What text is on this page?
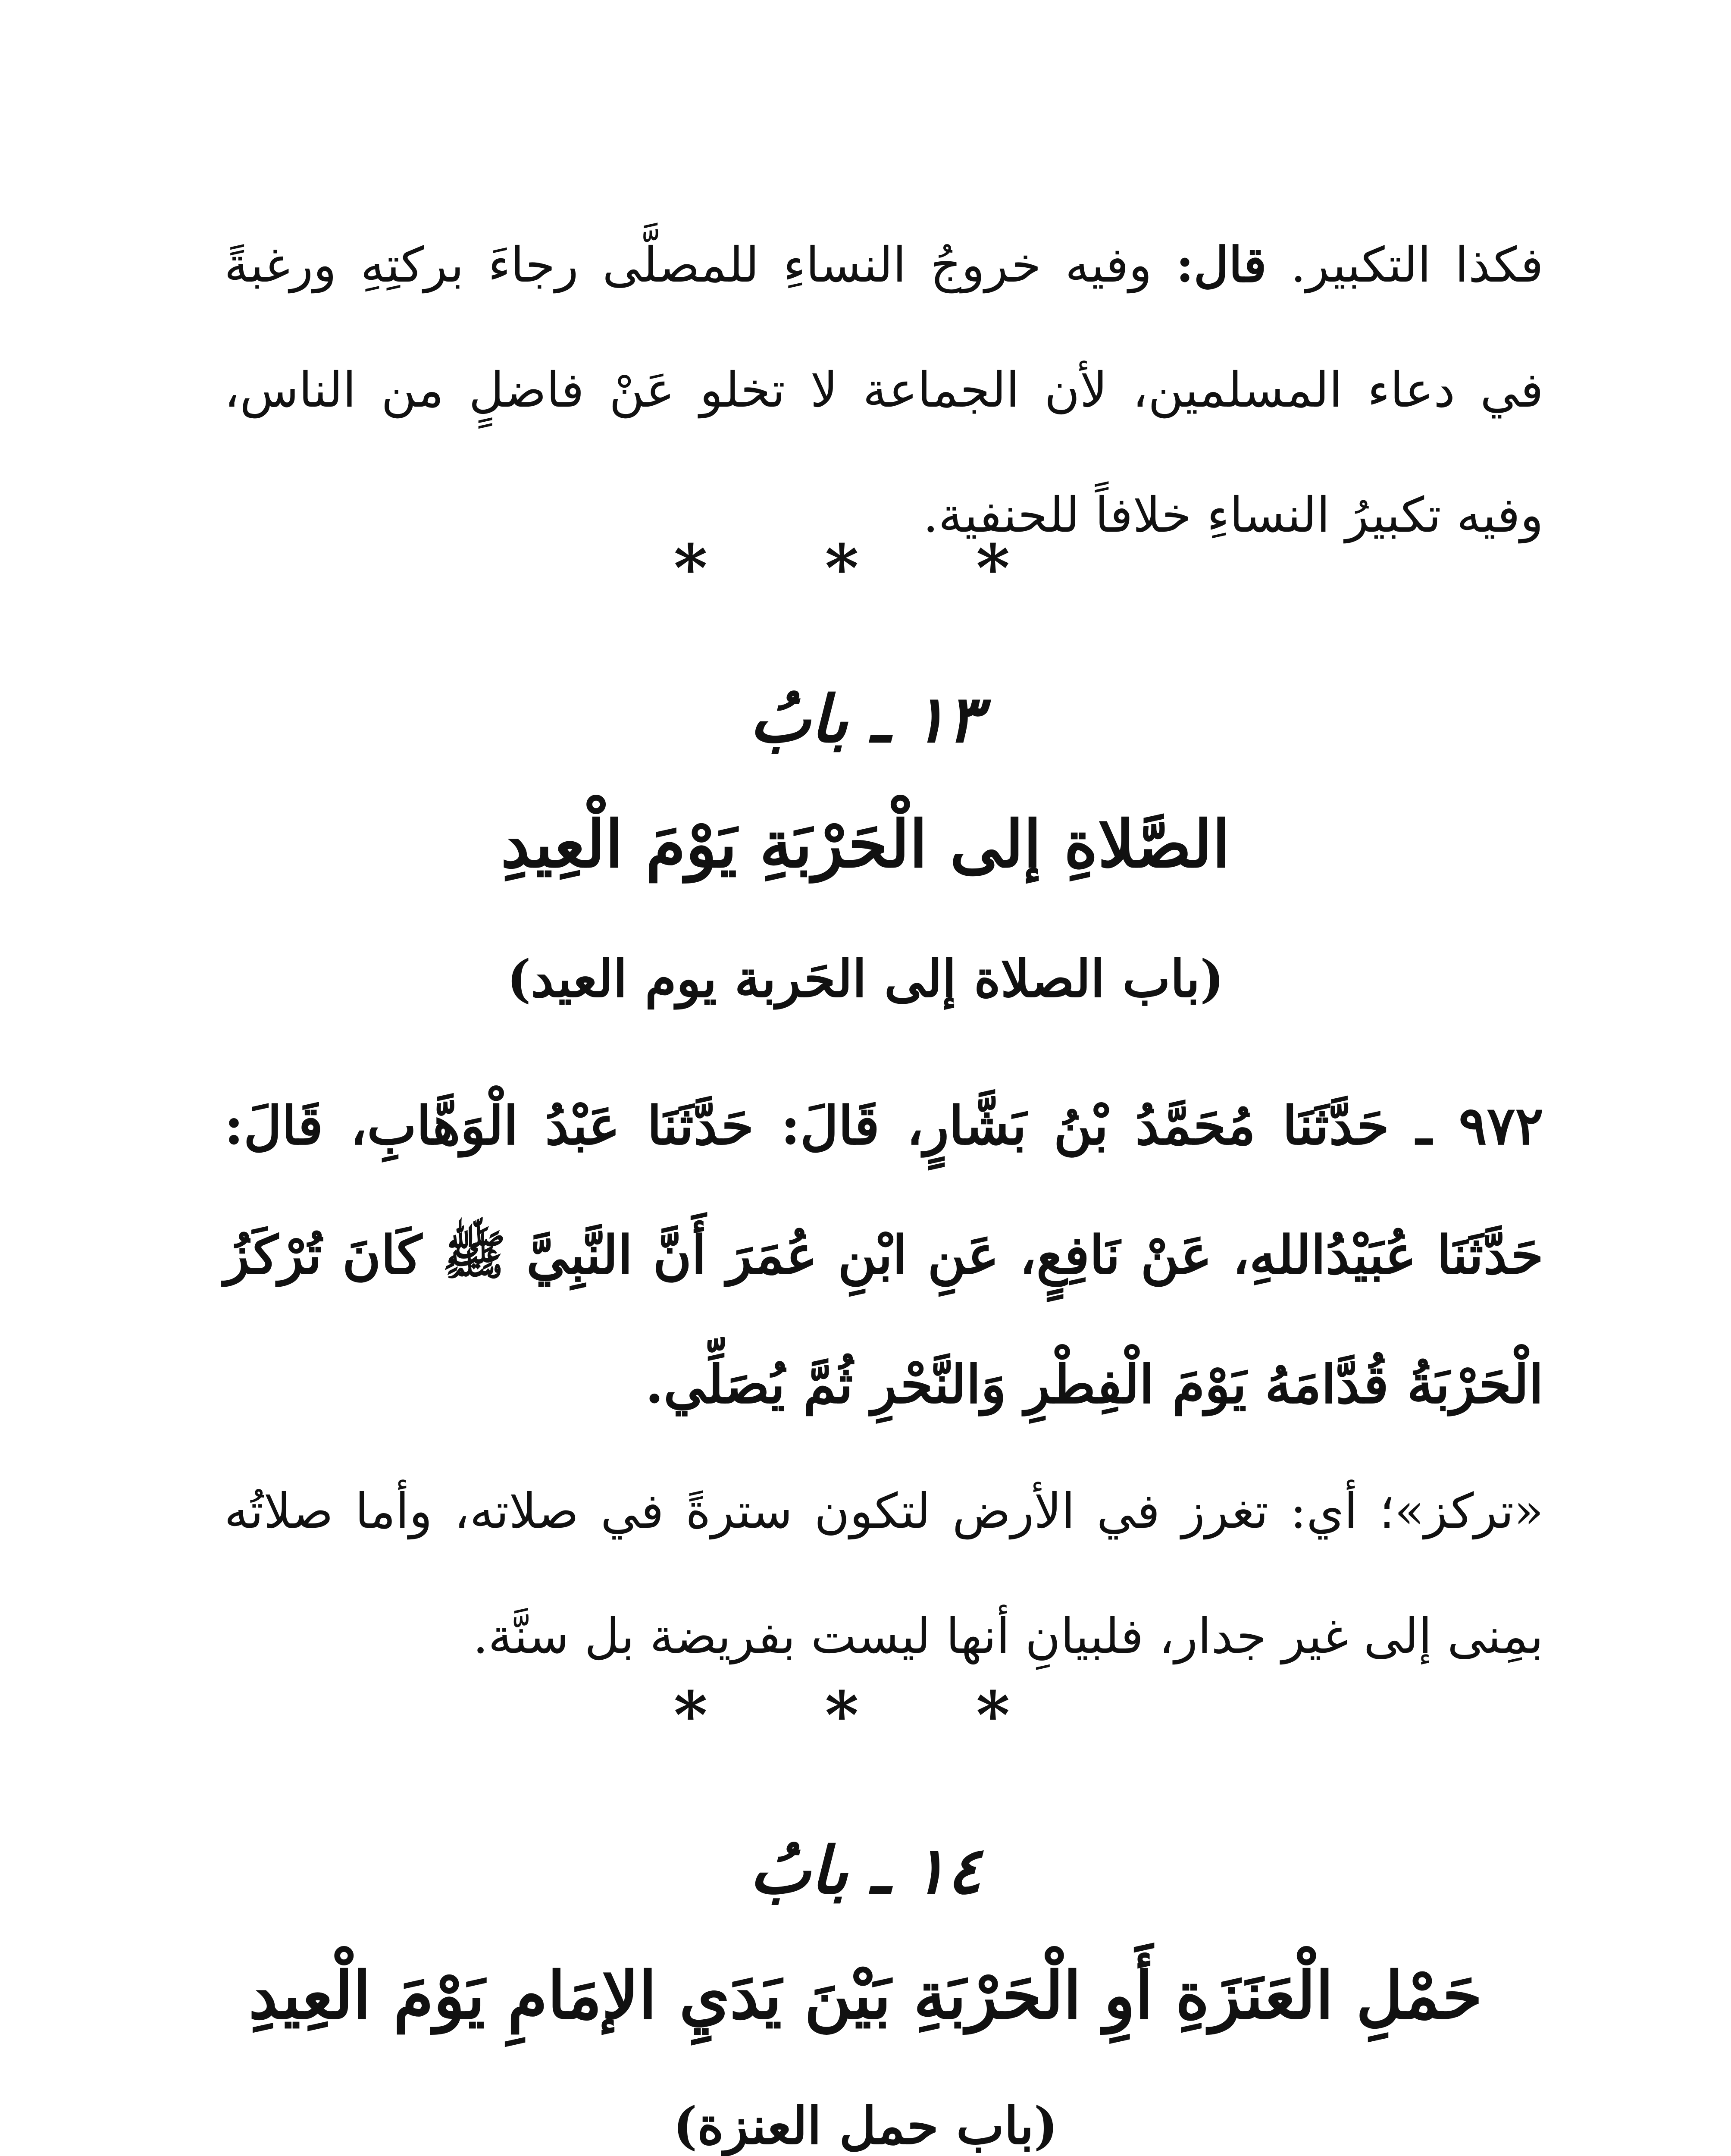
فكذا التكبير. قال: وفيه خروجُ النساءِ للمصلَّى رجاءَ بركتِهِ ورغبةً في دعاء المسلمين، لأن الجماعة لا تخلو عَنْ فاضلٍ من الناس، وفيه تكبيرُ النساءِ خلافاً للحنفية.

* * *

١٣ ـ بابُ

الصَّلاةِ إلى الْحَرْبَةِ يَوْمَ الْعِيدِ

(باب الصلاة إلى الحَربة يوم العيد)

٩٧٢ ـ حَدَّثَنَا مُحَمَّدُ بْنُ بَشَّارٍ، قَالَ: حَدَّثَنَا عَبْدُ الْوَهَّابِ، قَالَ: حَدَّثَنَا عُبَيْدُاللهِ، عَنْ نَافِعٍ، عَنِ ابْنِ عُمَرَ أَنَّ النَّبِيَّ ﷺ كَانَ تُرْكَزُ الْحَرْبَةُ قُدَّامَهُ يَوْمَ الْفِطْرِ وَالنَّحْرِ ثُمَّ يُصَلِّي.

«تركز»؛ أي: تغرز في الأرض لتكون سترةً في صلاته، وأما صلاتُه بمِنى إلى غير جدار، فلبيانِ أنها ليست بفريضة بل سنَّة.

* * *

١٤ ـ بابُ

حَمْلِ الْعَنَزَةِ أَوِ الْحَرْبَةِ بَيْنَ يَدَيِ الإمَامِ يَوْمَ الْعِيدِ

(باب حمل العنزة)
